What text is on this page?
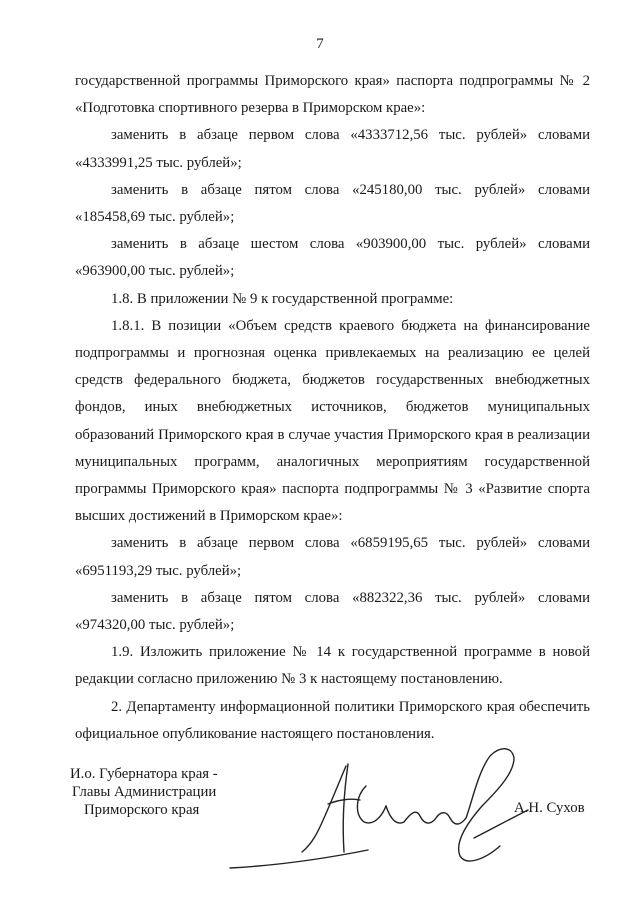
7

государственной программы Приморского края» паспорта подпрограммы № 2 «Подготовка спортивного резерва в Приморском крае»:

заменить в абзаце первом слова «4333712,56 тыс. рублей» словами «4333991,25 тыс. рублей»;

заменить в абзаце пятом слова «245180,00 тыс. рублей» словами «185458,69 тыс. рублей»;

заменить в абзаце шестом слова «903900,00 тыс. рублей» словами «963900,00 тыс. рублей»;

1.8. В приложении № 9 к государственной программе:

1.8.1. В позиции «Объем средств краевого бюджета на финансирование подпрограммы и прогнозная оценка привлекаемых на реализацию ее целей средств федерального бюджета, бюджетов государственных внебюджетных фондов, иных внебюджетных источников, бюджетов муниципальных образований Приморского края в случае участия Приморского края в реализации муниципальных программ, аналогичных мероприятиям государственной программы Приморского края» паспорта подпрограммы № 3 «Развитие спорта высших достижений в Приморском крае»:

заменить в абзаце первом слова «6859195,65 тыс. рублей» словами «6951193,29 тыс. рублей»;

заменить в абзаце пятом слова «882322,36 тыс. рублей» словами «974320,00 тыс. рублей»;

1.9. Изложить приложение № 14 к государственной программе в новой редакции согласно приложению № 3 к настоящему постановлению.

2. Департаменту информационной политики Приморского края обеспечить официальное опубликование настоящего постановления.

И.о. Губернатора края -
Главы Администрации
Приморского края	А.Н. Сухов
